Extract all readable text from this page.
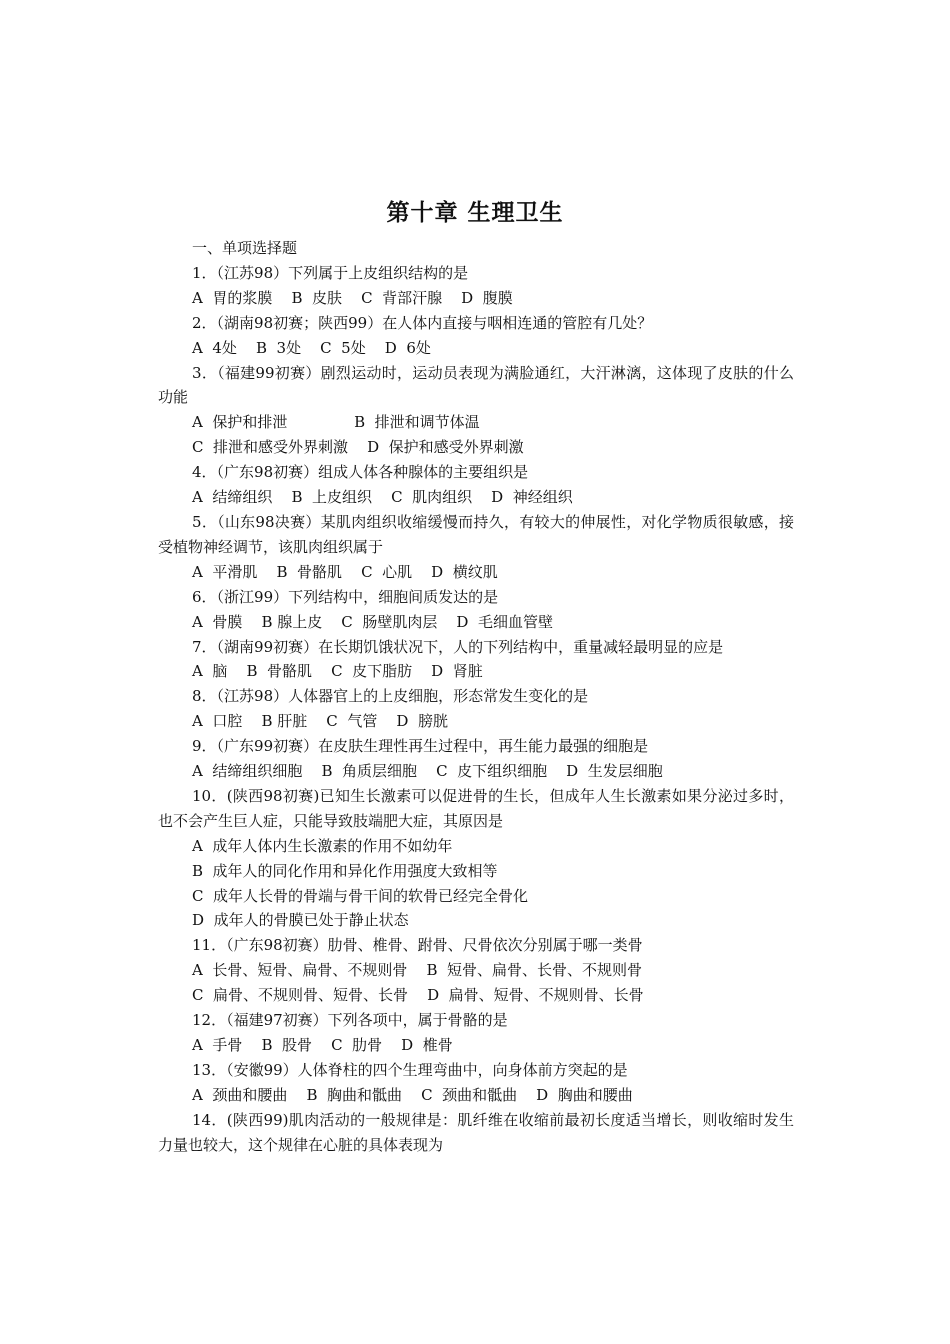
第十章 生理卫生
一、单项选择题
1．（江苏98）下列属于上皮组织结构的是
A  胃的浆膜    B  皮肤    C  背部汗腺    D  腹膜
2．（湖南98初赛；陕西99）在人体内直接与咽相连通的管腔有几处？
A  4处    B  3处    C  5处    D  6处
3．（福建99初赛）剧烈运动时，运动员表现为满脸通红，大汗淋漓，这体现了皮肤的什么功能
A  保护和排泄              B  排泄和调节体温
C  排泄和感受外界刺激    D  保护和感受外界刺激
4．（广东98初赛）组成人体各种腺体的主要组织是
A  结缔组织    B  上皮组织    C  肌肉组织    D  神经组织
5．（山东98决赛）某肌肉组织收缩缓慢而持久，有较大的伸展性，对化学物质很敏感，接受植物神经调节，该肌肉组织属于
A  平滑肌    B  骨骼肌    C  心肌    D  横纹肌
6．（浙江99）下列结构中，细胞间质发达的是
A  骨膜    B 腺上皮    C  肠壁肌肉层    D  毛细血管壁
7．（湖南99初赛）在长期饥饿状况下，人的下列结构中，重量减轻最明显的应是
A  脑    B  骨骼肌    C  皮下脂肪    D  肾脏
8．（江苏98）人体器官上的上皮细胞，形态常发生变化的是
A  口腔    B 肝脏    C  气管    D  膀胱
9．（广东99初赛）在皮肤生理性再生过程中，再生能力最强的细胞是
A  结缔组织细胞    B  角质层细胞    C  皮下组织细胞    D  生发层细胞
10．(陕西98初赛)已知生长激素可以促进骨的生长，但成年人生长激素如果分泌过多时，也不会产生巨人症，只能导致肢端肥大症，其原因是
A  成年人体内生长激素的作用不如幼年
B  成年人的同化作用和异化作用强度大致相等
C  成年人长骨的骨端与骨干间的软骨已经完全骨化
D  成年人的骨膜已处于静止状态
11．（广东98初赛）肋骨、椎骨、跗骨、尺骨依次分别属于哪一类骨
A  长骨、短骨、扁骨、不规则骨    B  短骨、扁骨、长骨、不规则骨
C  扁骨、不规则骨、短骨、长骨    D  扁骨、短骨、不规则骨、长骨
12．（福建97初赛）下列各项中，属于骨骼的是
A  手骨    B  股骨    C  肋骨    D  椎骨
13．（安徽99）人体脊柱的四个生理弯曲中，向身体前方突起的是
A  颈曲和腰曲    B  胸曲和骶曲    C  颈曲和骶曲    D  胸曲和腰曲
14．(陕西99)肌肉活动的一般规律是：肌纤维在收缩前最初长度适当增长，则收缩时发生力量也较大，这个规律在心脏的具体表现为
